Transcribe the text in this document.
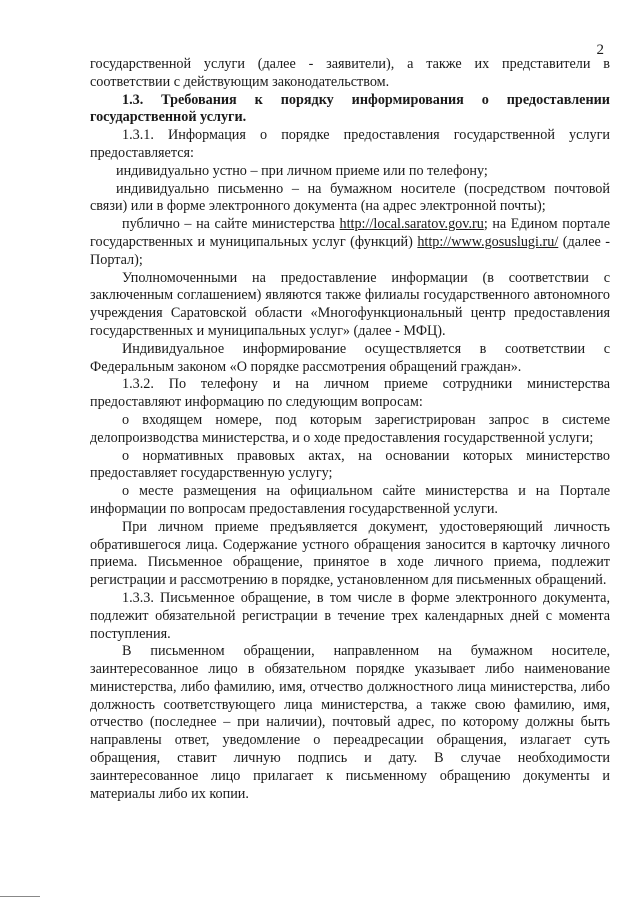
2

государственной услуги (далее - заявители), а также их представители в соответствии с действующим законодательством.

1.3. Требования к порядку информирования о предоставлении государственной услуги.

1.3.1. Информация о порядке предоставления государственной услуги предоставляется:

индивидуально устно – при личном приеме или по телефону;

индивидуально письменно – на бумажном носителе (посредством почтовой связи) или в форме электронного документа (на адрес электронной почты);

публично – на сайте министерства http://local.saratov.gov.ru; на Едином портале государственных и муниципальных услуг (функций) http://www.gosuslugi.ru/ (далее - Портал);

Уполномоченными на предоставление информации (в соответствии с заключенным соглашением) являются также филиалы государственного автономного учреждения Саратовской области «Многофункциональный центр предоставления государственных и муниципальных услуг» (далее - МФЦ).

Индивидуальное информирование осуществляется в соответствии с Федеральным законом «О порядке рассмотрения обращений граждан».

1.3.2. По телефону и на личном приеме сотрудники министерства предоставляют информацию по следующим вопросам:

о входящем номере, под которым зарегистрирован запрос в системе делопроизводства министерства, и о ходе предоставления государственной услуги;

о нормативных правовых актах, на основании которых министерство предоставляет государственную услугу;

о месте размещения на официальном сайте министерства и на Портале информации по вопросам предоставления государственной услуги.

При личном приеме предъявляется документ, удостоверяющий личность обратившегося лица. Содержание устного обращения заносится в карточку личного приема. Письменное обращение, принятое в ходе личного приема, подлежит регистрации и рассмотрению в порядке, установленном для письменных обращений.

1.3.3. Письменное обращение, в том числе в форме электронного документа, подлежит обязательной регистрации в течение трех календарных дней с момента поступления.

В письменном обращении, направленном на бумажном носителе, заинтересованное лицо в обязательном порядке указывает либо наименование министерства, либо фамилию, имя, отчество должностного лица министерства, либо должность соответствующего лица министерства, а также свою фамилию, имя, отчество (последнее – при наличии), почтовый адрес, по которому должны быть направлены ответ, уведомление о переадресации обращения, излагает суть обращения, ставит личную подпись и дату. В случае необходимости заинтересованное лицо прилагает к письменному обращению документы и материалы либо их копии.
